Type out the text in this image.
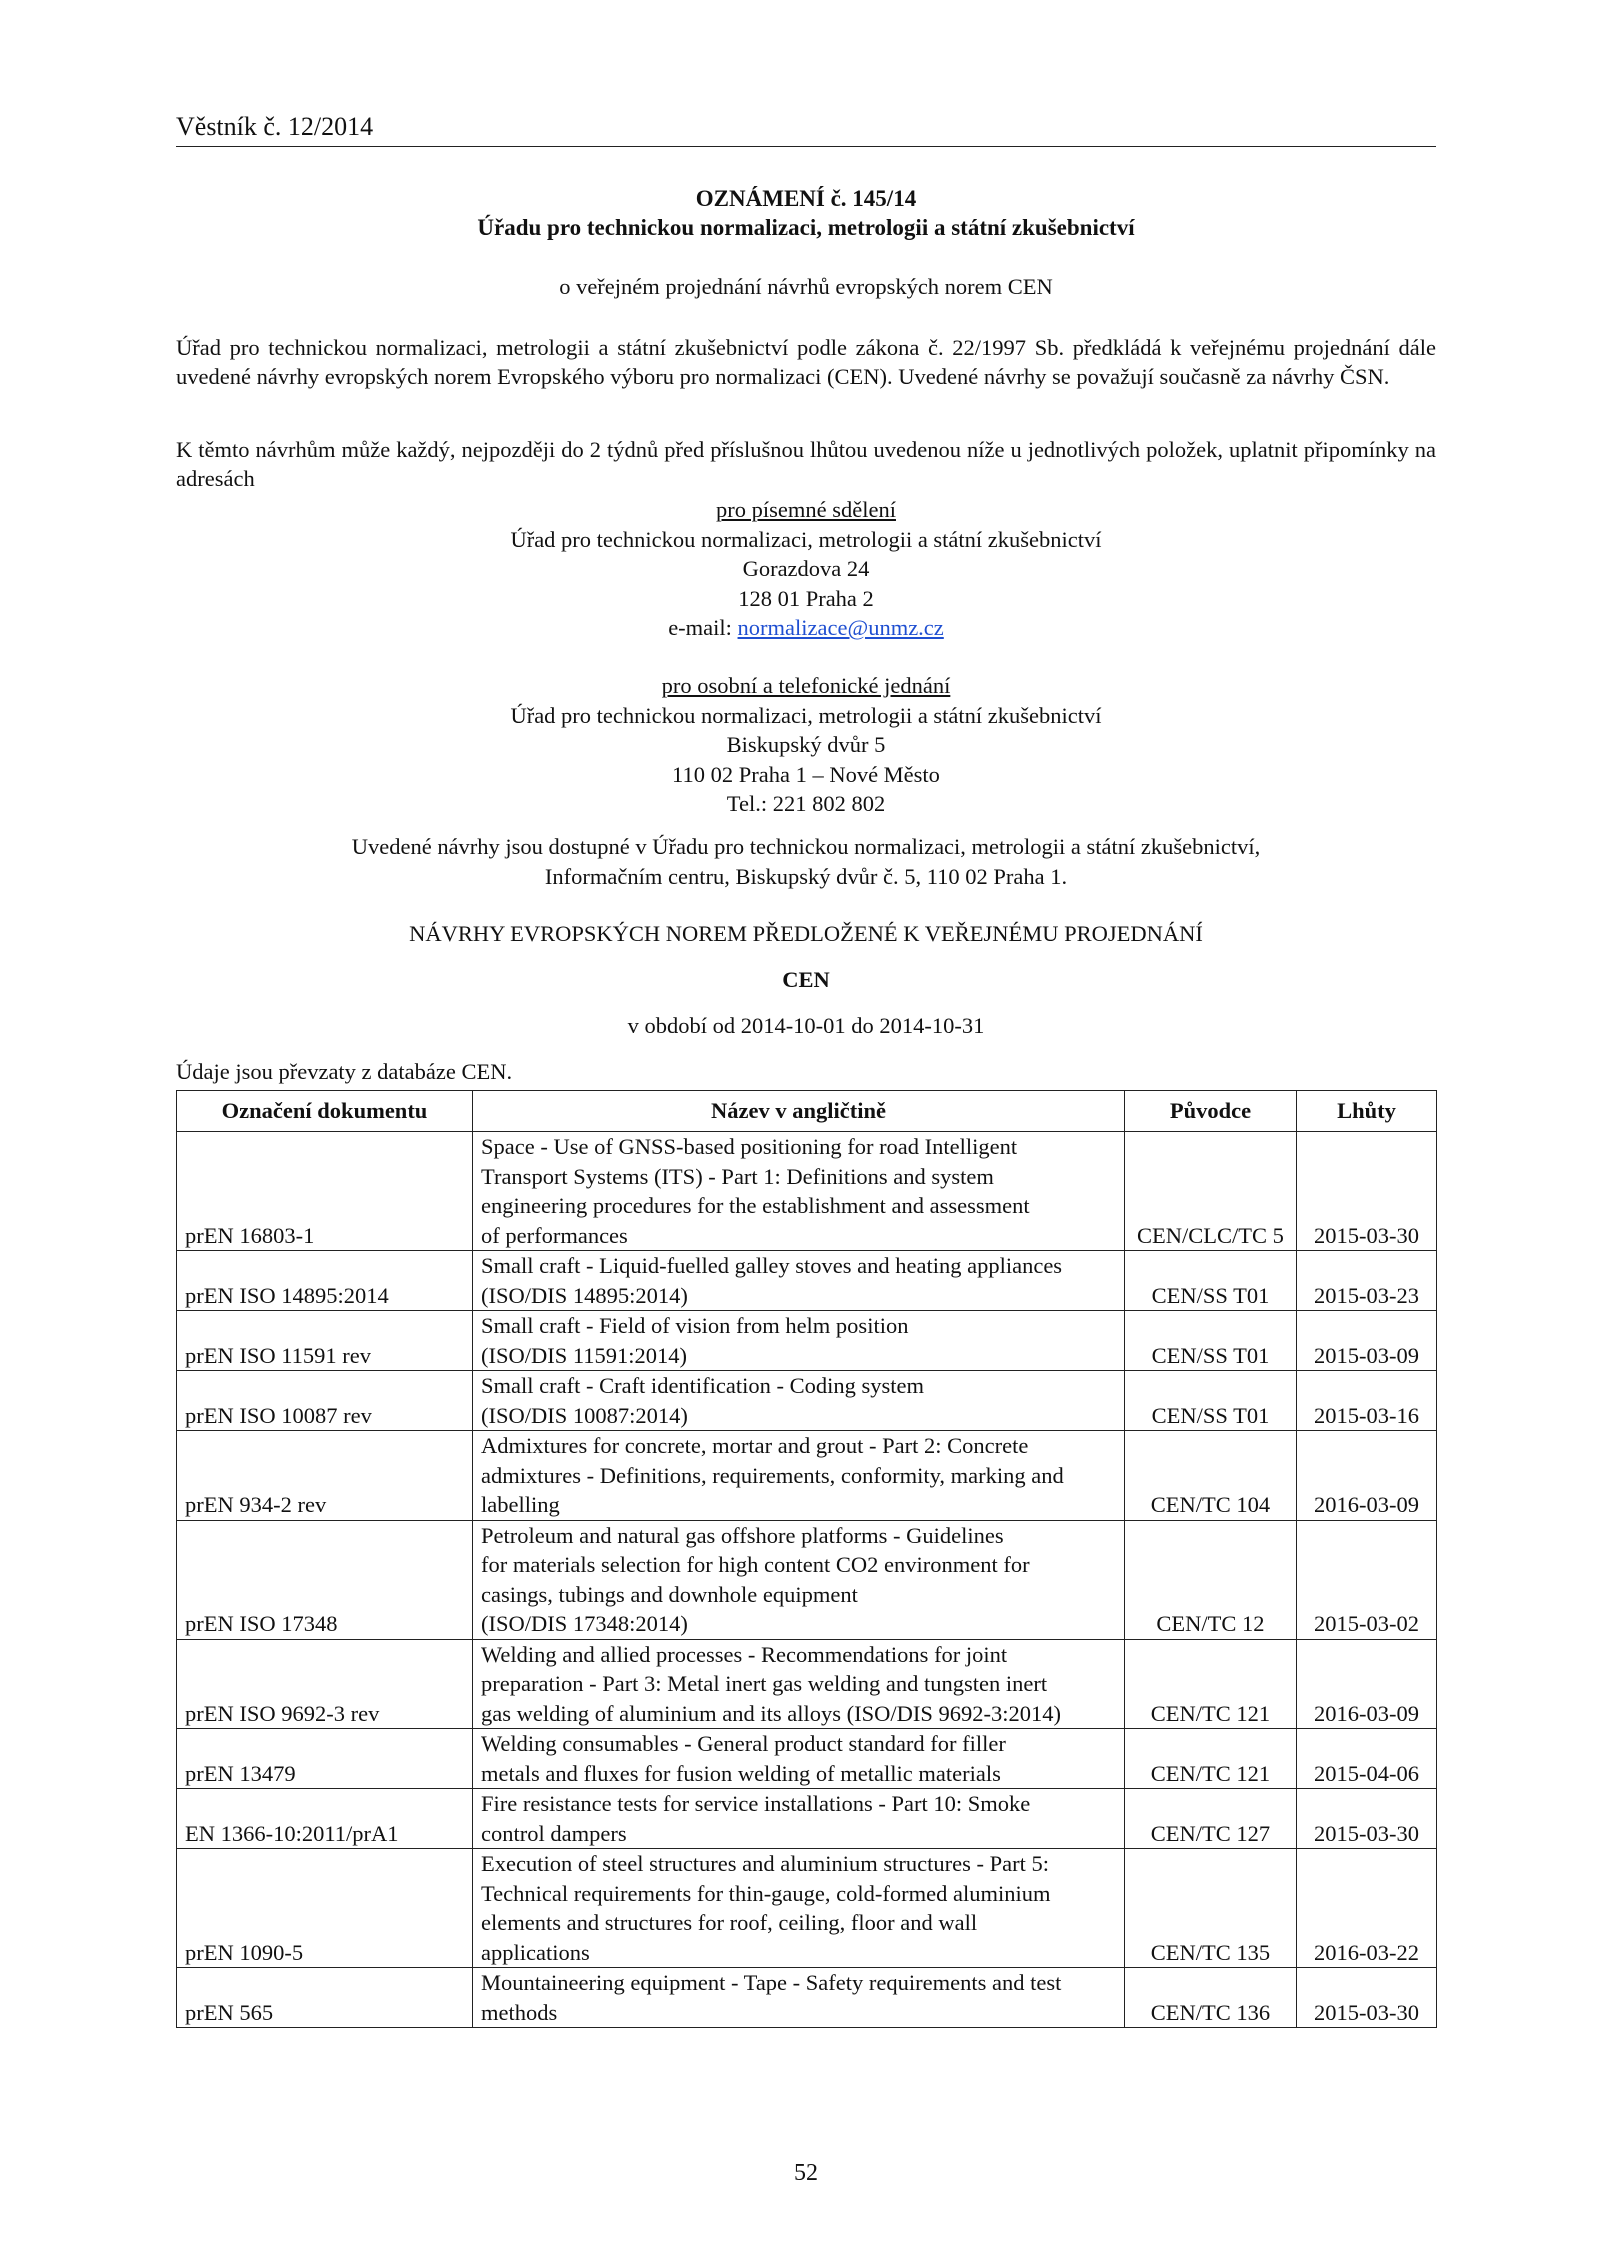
Věstník č. 12/2014
OZNÁMENÍ č. 145/14
Úřadu pro technickou normalizaci, metrologii a státní zkušebnictví
o veřejném projednání návrhů evropských norem CEN
Úřad pro technickou normalizaci, metrologii a státní zkušebnictví podle zákona č. 22/1997 Sb. předkládá k veřejnému projednání dále uvedené návrhy evropských norem Evropského výboru pro normalizaci (CEN). Uvedené návrhy se považují současně za návrhy ČSN.
K těmto návrhům může každý, nejpozději do 2 týdnů před příslušnou lhůtou uvedenou níže u jednotlivých položek, uplatnit připomínky na adresách
pro písemné sdělení
Úřad pro technickou normalizaci, metrologii a státní zkušebnictví
Gorazdova 24
128 01 Praha 2
e-mail: normalizace@unmz.cz
pro osobní a telefonické jednání
Úřad pro technickou normalizaci, metrologii a státní zkušebnictví
Biskupský dvůr 5
110 02 Praha 1 – Nové Město
Tel.: 221 802 802
Uvedené návrhy jsou dostupné v Úřadu pro technickou normalizaci, metrologii a státní zkušebnictví,
Informačním centru, Biskupský dvůr č. 5, 110 02 Praha 1.
NÁVRHY EVROPSKÝCH NOREM PŘEDLOŽENÉ K VEŘEJNÉMU PROJEDNÁNÍ
CEN
v období od 2014-10-01 do 2014-10-31
Údaje jsou převzaty z databáze CEN.
Označení dokumentu	Název v angličtině	Původce	Lhůty
prEN 16803-1	Space - Use of GNSS-based positioning for road Intelligent
Transport Systems (ITS) - Part 1: Definitions and system
engineering procedures for the establishment and assessment
of performances	CEN/CLC/TC 5	2015-03-30
prEN ISO 14895:2014	Small craft - Liquid-fuelled galley stoves and heating appliances
(ISO/DIS 14895:2014)	CEN/SS T01	2015-03-23
prEN ISO 11591 rev	Small craft - Field of vision from helm position
(ISO/DIS 11591:2014)	CEN/SS T01	2015-03-09
prEN ISO 10087 rev	Small craft - Craft identification - Coding system
(ISO/DIS 10087:2014)	CEN/SS T01	2015-03-16
prEN 934-2 rev	Admixtures for concrete, mortar and grout - Part 2: Concrete
admixtures - Definitions, requirements, conformity, marking and
labelling	CEN/TC 104	2016-03-09
prEN ISO 17348	Petroleum and natural gas offshore platforms - Guidelines
for materials selection for high content CO2 environment for
casings, tubings and downhole equipment
(ISO/DIS 17348:2014)	CEN/TC 12	2015-03-02
prEN ISO 9692-3 rev	Welding and allied processes - Recommendations for joint
preparation - Part 3: Metal inert gas welding and tungsten inert
gas welding of aluminium and its alloys (ISO/DIS 9692-3:2014)	CEN/TC 121	2016-03-09
prEN 13479	Welding consumables - General product standard for filler
metals and fluxes for fusion welding of metallic materials	CEN/TC 121	2015-04-06
EN 1366-10:2011/prA1	Fire resistance tests for service installations - Part 10: Smoke
control dampers	CEN/TC 127	2015-03-30
prEN 1090-5	Execution of steel structures and aluminium structures - Part 5:
Technical requirements for thin-gauge, cold-formed aluminium
elements and structures for roof, ceiling, floor and wall
applications	CEN/TC 135	2016-03-22
prEN 565	Mountaineering equipment - Tape - Safety requirements and test
methods	CEN/TC 136	2015-03-30
52
